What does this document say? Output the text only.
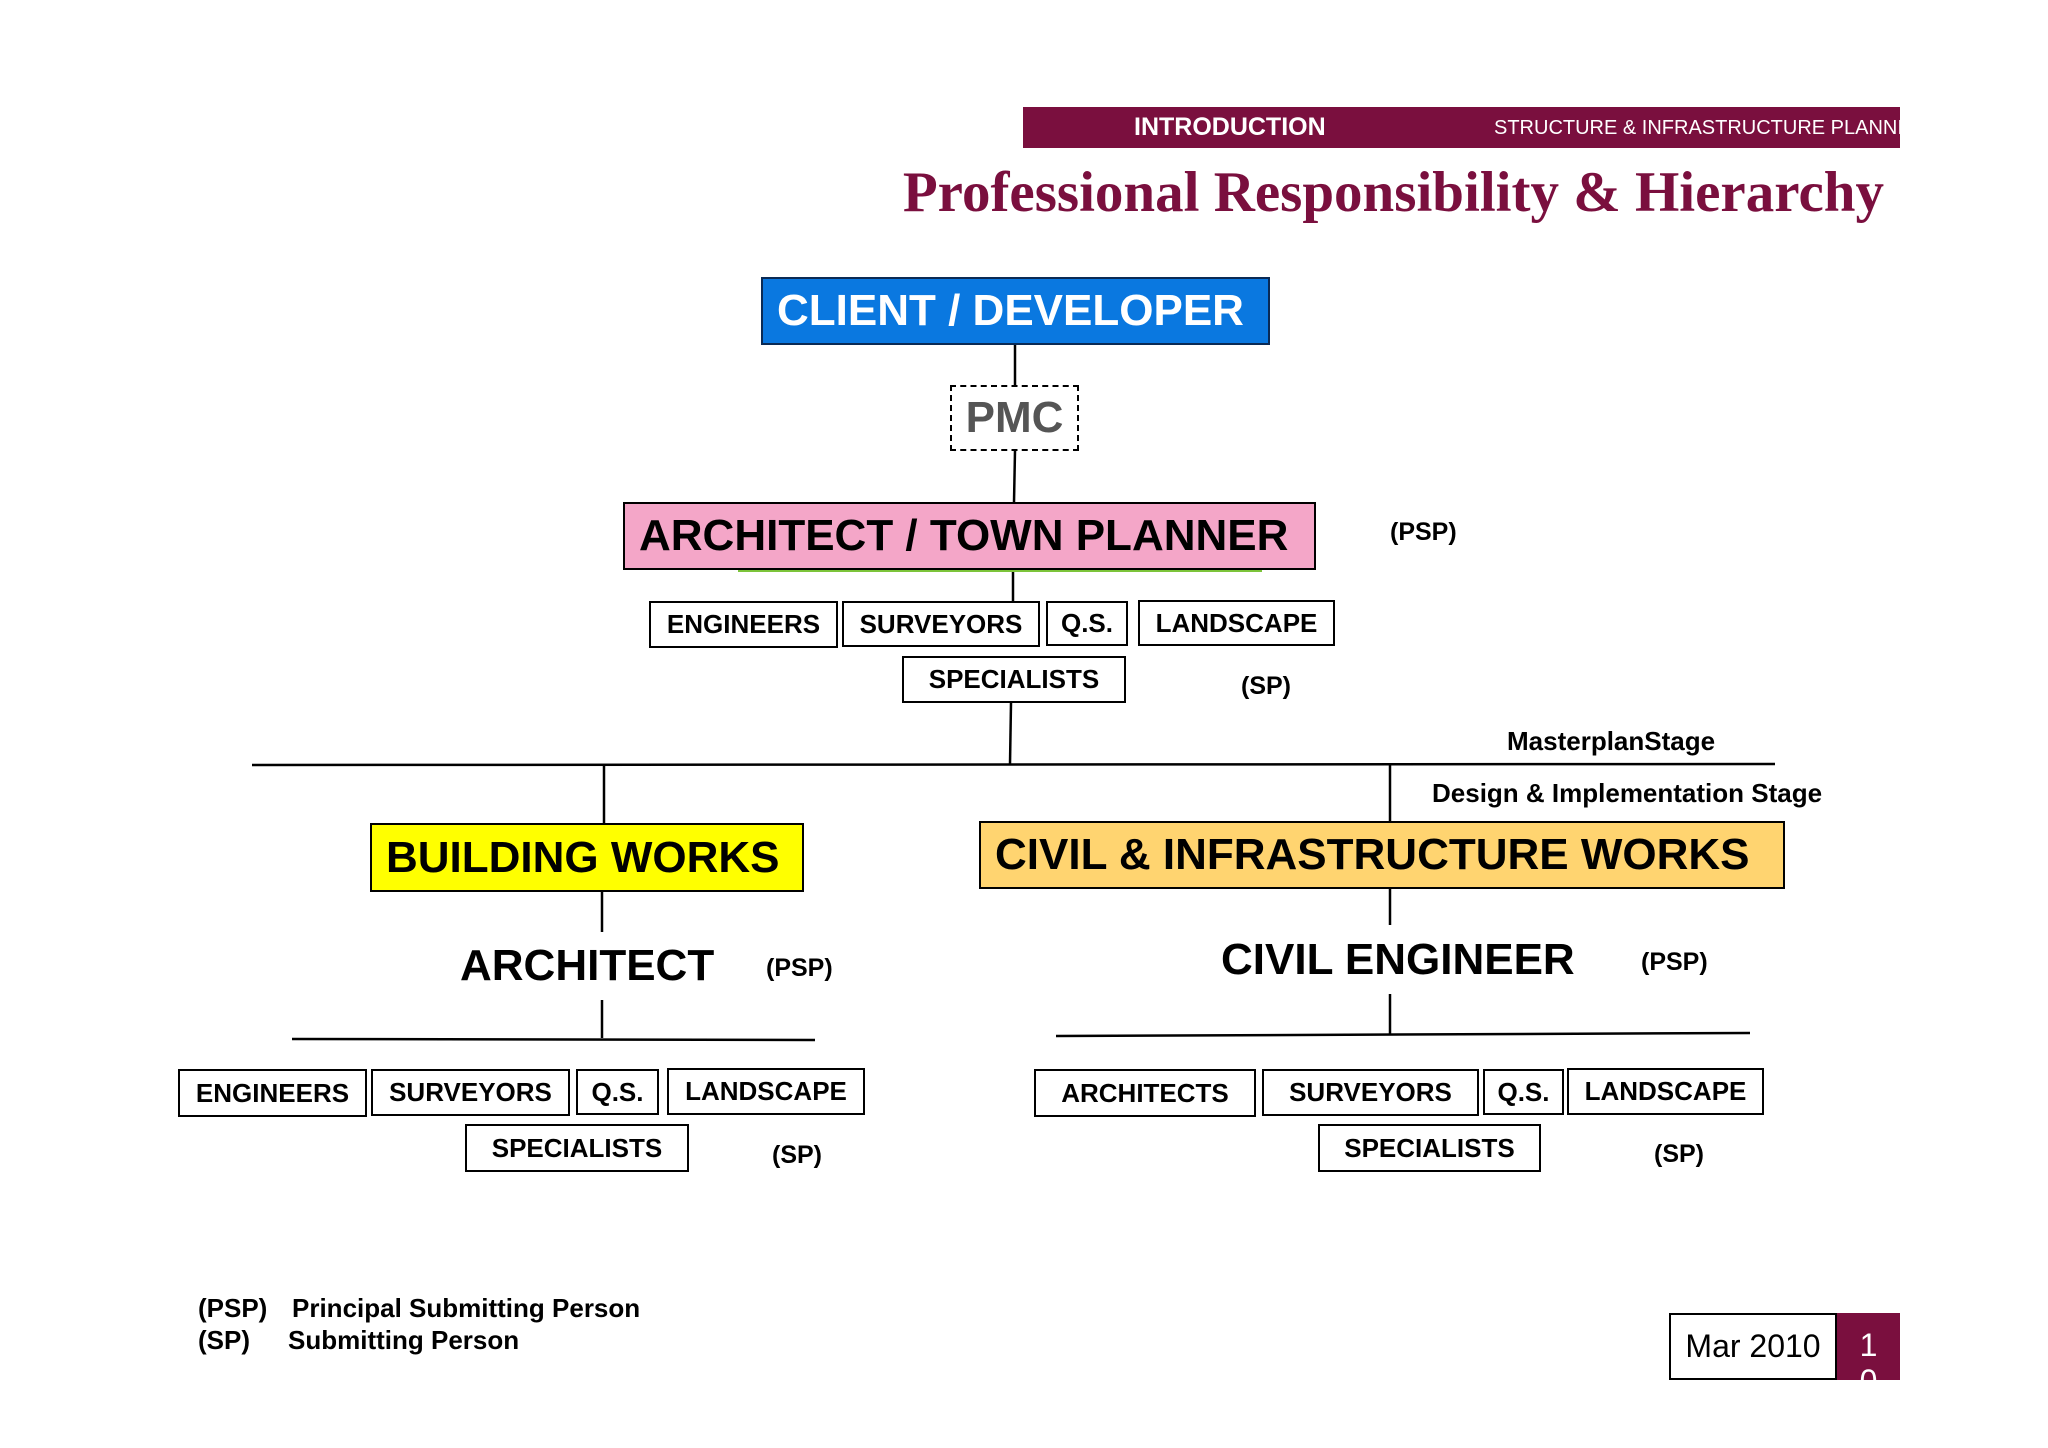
INTRODUCTION	STRUCTURE & INFRASTRUCTURE PLANNING
Professional Responsibility & Hierarchy
CLIENT / DEVELOPER
PMC
ARCHITECT / TOWN PLANNER	(PSP)
ENGINEERS SURVEYORS Q.S. LANDSCAPE
SPECIALISTS	(SP)
MasterplanStage
Design & Implementation Stage
BUILDING WORKS
ARCHITECT (PSP)
ENGINEERS SURVEYORS Q.S. LANDSCAPE
SPECIALISTS	(SP)
CIVIL & INFRASTRUCTURE WORKS
CIVIL ENGINEER	(PSP)
ARCHITECTS SURVEYORS Q.S. LANDSCAPE
SPECIALISTS	(SP)
(PSP) Principal Submitting Person
(SP) Submitting Person	Mar 2010	1
0
